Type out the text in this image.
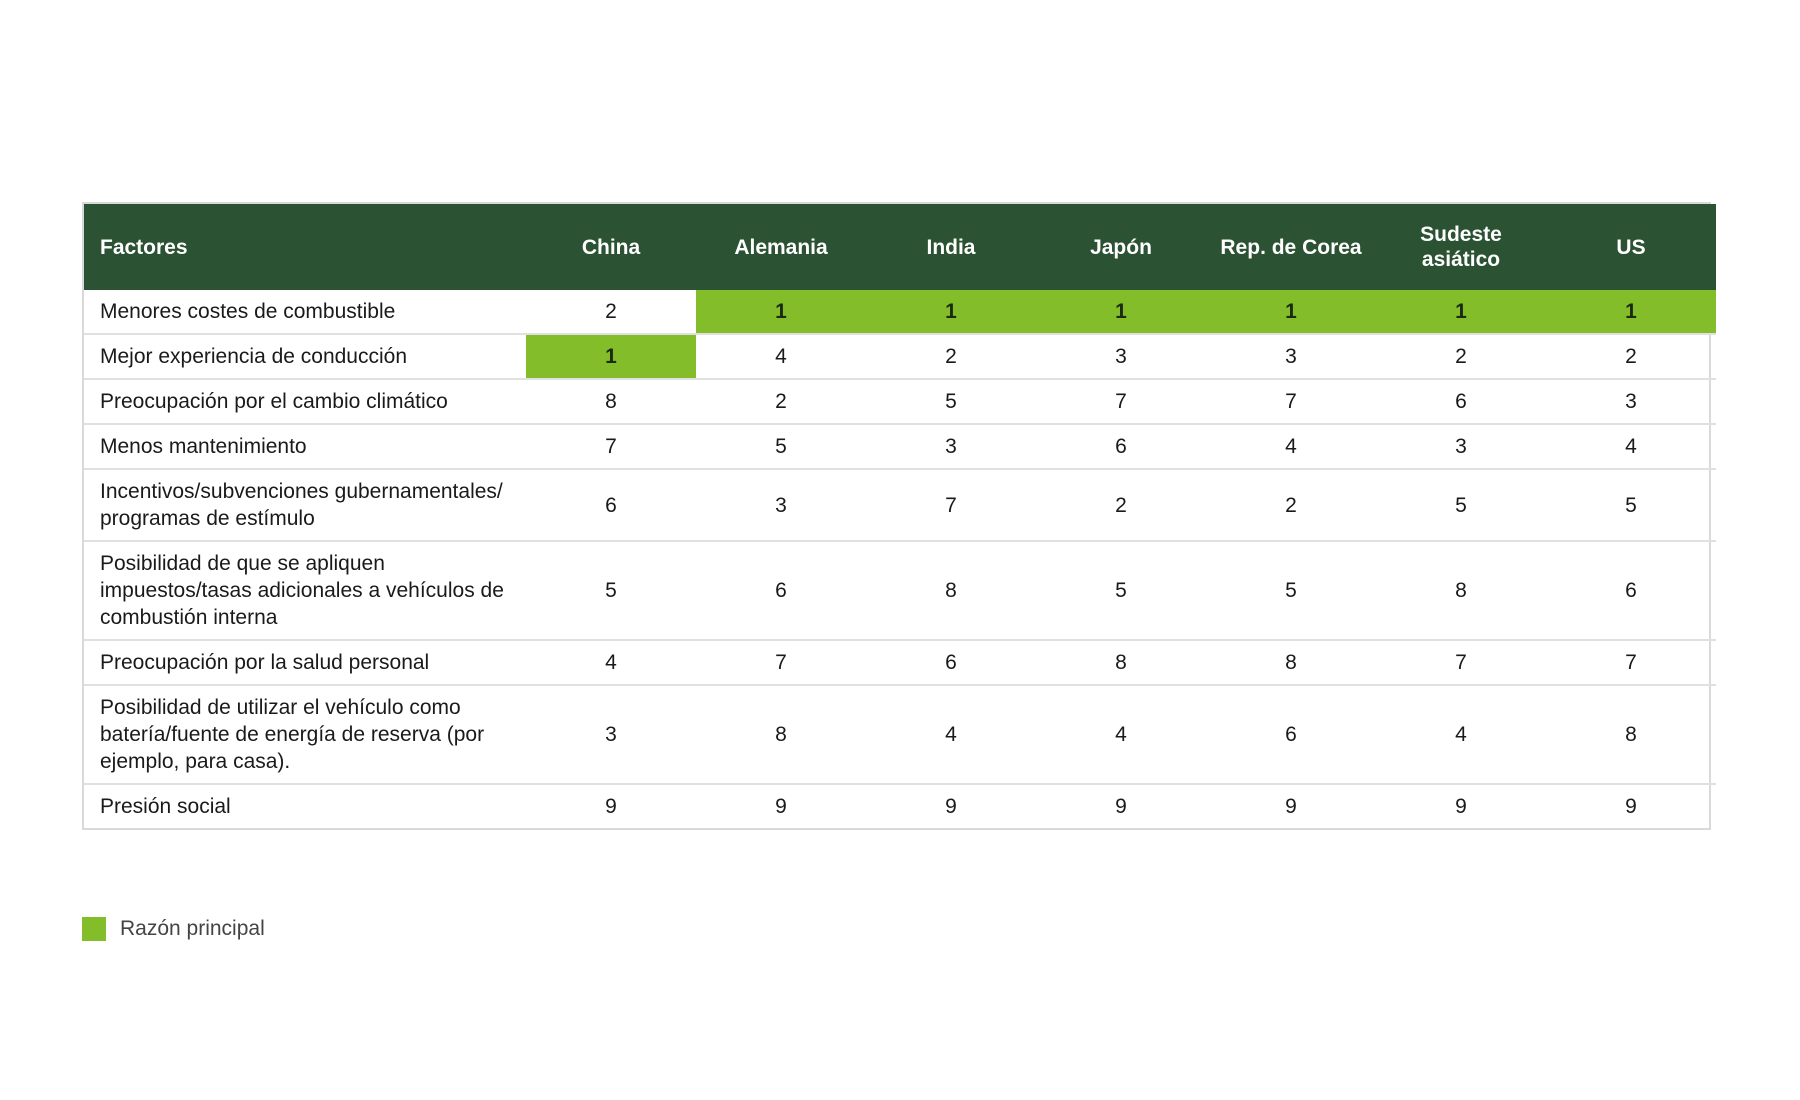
Factores	China	Alemania	India	Japón	Rep. de Corea	Sudeste asiático	US
Menores costes de combustible	2	1	1	1	1	1	1
Mejor experiencia de conducción	1	4	2	3	3	2	2
Preocupación por el cambio climático	8	2	5	7	7	6	3
Menos mantenimiento	7	5	3	6	4	3	4
Incentivos/subvenciones gubernamentales/ programas de estímulo	6	3	7	2	2	5	5
Posibilidad de que se apliquen impuestos/tasas adicionales a vehículos de combustión interna	5	6	8	5	5	8	6
Preocupación por la salud personal	4	7	6	8	8	7	7
Posibilidad de utilizar el vehículo como batería/fuente de energía de reserva (por ejemplo, para casa).	3	8	4	4	6	4	8
Presión social	9	9	9	9	9	9	9
Razón principal
